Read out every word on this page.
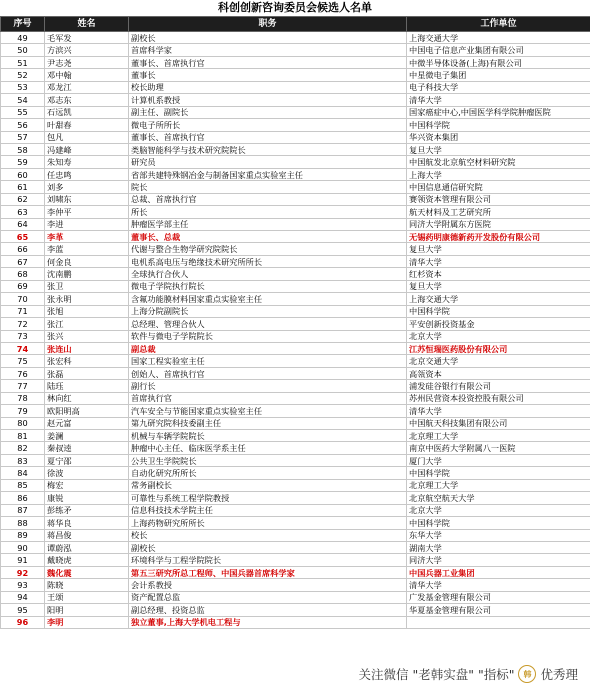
科创创新咨询委员会候选人名单
序号	姓名	职务	工作单位
49	毛军发	副校长	上海交通大学
50	方滨兴	首席科学家	中国电子信息产业集团有限公司
51	尹志尧	董事长、首席执行官	中微半导体设备(上海)有限公司
52	邓中翰	董事长	中星微电子集团
53	邓龙江	校长助理	电子科技大学
54	邓志东	计算机系教授	清华大学
55	石远凯	副主任、副院长	国家癌症中心,中国医学科学院肿瘤医院
56	叶甜春	微电子所所长	中国科学院
57	包凡	董事长、首席执行官	华兴资本集团
58	冯建峰	类脑智能科学与技术研究院院长	复旦大学
59	朱知寿	研究员	中国航发北京航空材料研究院
60	任忠鸣	省部共建特殊钢冶金与制备国家重点实验室主任	上海大学
61	刘多	院长	中国信息通信研究院
62	刘啸东	总裁、首席执行官	赛领资本管理有限公司
63	李仲平	所长	航天材料及工艺研究所
64	李进	肿瘤医学部主任	同济大学附属东方医院
65	李革	董事长、总裁	无锡药明康德新药开发股份有限公司
66	李蓝	代谢与整合生物学研究院院长	复旦大学
67	何金良	电机系高电压与绝缘技术研究所所长	清华大学
68	沈南鹏	全球执行合伙人	红杉资本
69	张卫	微电子学院执行院长	复旦大学
70	张永明	含氟功能膜材料国家重点实验室主任	上海交通大学
71	张旭	上海分院副院长	中国科学院
72	张江	总经理、管理合伙人	平安创新投资基金
73	张兴	软件与微电子学院院长	北京大学
74	张连山	副总裁	江苏恒瑞医药股份有限公司
75	张宏科	国家工程实验室主任	北京交通大学
76	张磊	创始人、首席执行官	高瓴资本
77	陆珏	副行长	浦发硅谷银行有限公司
78	林向红	首席执行官	苏州民营资本投资控股有限公司
79	欧阳明高	汽车安全与节能国家重点实验室主任	清华大学
80	赵元富	第九研究院科技委副主任	中国航天科技集团有限公司
81	姜澜	机械与车辆学院院长	北京理工大学
82	秦叔逵	肿瘤中心主任、临床医学系主任	南京中医药大学附属八一医院
83	夏宁邵	公共卫生学院院长	厦门大学
84	徐波	自动化研究所所长	中国科学院
85	梅宏	常务副校长	北京理工大学
86	康锐	可靠性与系统工程学院教授	北京航空航天大学
87	彭练矛	信息科技技术学院主任	北京大学
88	蒋华良	上海药物研究所所长	中国科学院
89	蒋昌俊	校长	东华大学
90	谭蔚泓	副校长	湖南大学
91	戴晓虎	环境科学与工程学院院长	同济大学
92	魏化震	第五三研究所总工程师、中国兵器首席科学家	中国兵器工业集团
93	陈晓	会计系教授	清华大学
94	王颂	资产配置总监	广发基金管理有限公司
95	阳明	副总经理、投资总监	华夏基金管理有限公司
96	李明	独立董事,上海大学机电工程与	
关注微信 "老韩实盘" "指标"	韩 优秀理
